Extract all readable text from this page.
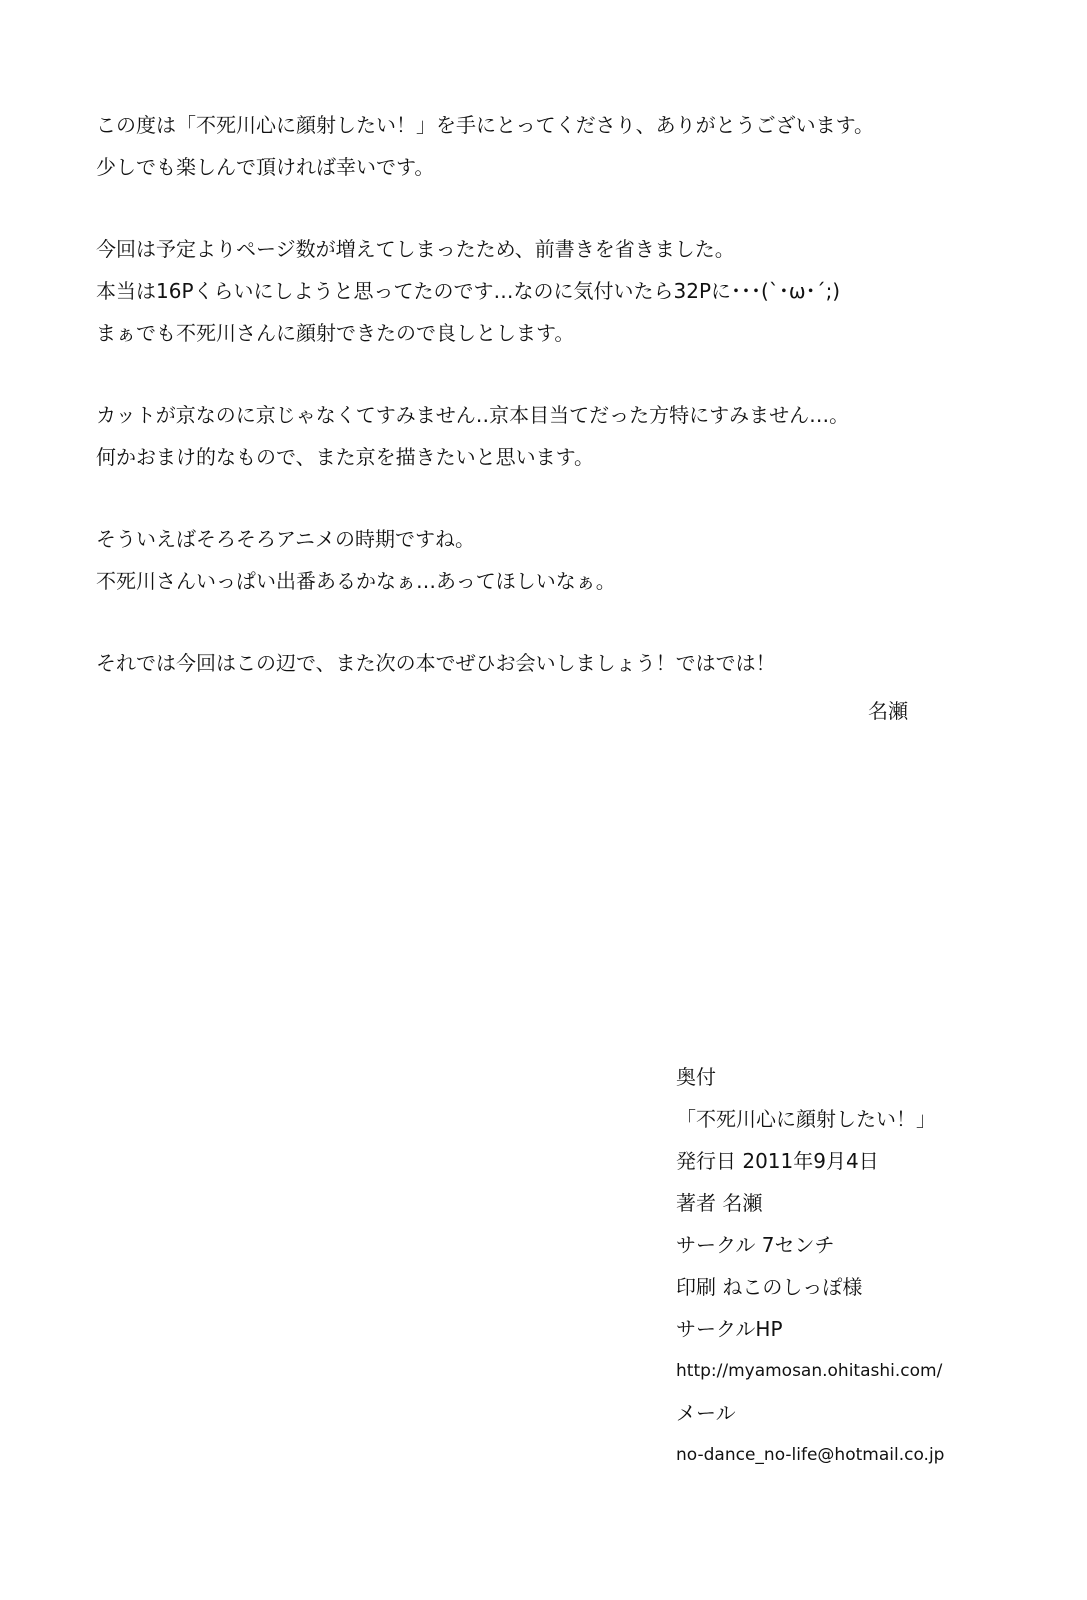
この度は「不死川心に顔射したい！」を手にとってくださり、ありがとうございます。
少しでも楽しんで頂ければ幸いです。
今回は予定よりページ数が増えてしまったため、前書きを省きました。
本当は16Pくらいにしようと思ってたのです…なのに気付いたら32Pに･･･(`･ω･´;)
まぁでも不死川さんに顔射できたので良しとします。
カットが京なのに京じゃなくてすみません‥京本目当てだった方特にすみません…。
何かおまけ的なもので、また京を描きたいと思います。
そういえばそろそろアニメの時期ですね。
不死川さんいっぱい出番あるかなぁ…あってほしいなぁ。
それでは今回はこの辺で、また次の本でぜひお会いしましょう！ではでは！
名瀬
奥付
「不死川心に顔射したい！」
発行日 2011年9月4日
著者 名瀬
サークル 7センチ
印刷 ねこのしっぽ様
サークルHP
http://myamosan.ohitashi.com/
メール
no-dance_no-life@hotmail.co.jp
